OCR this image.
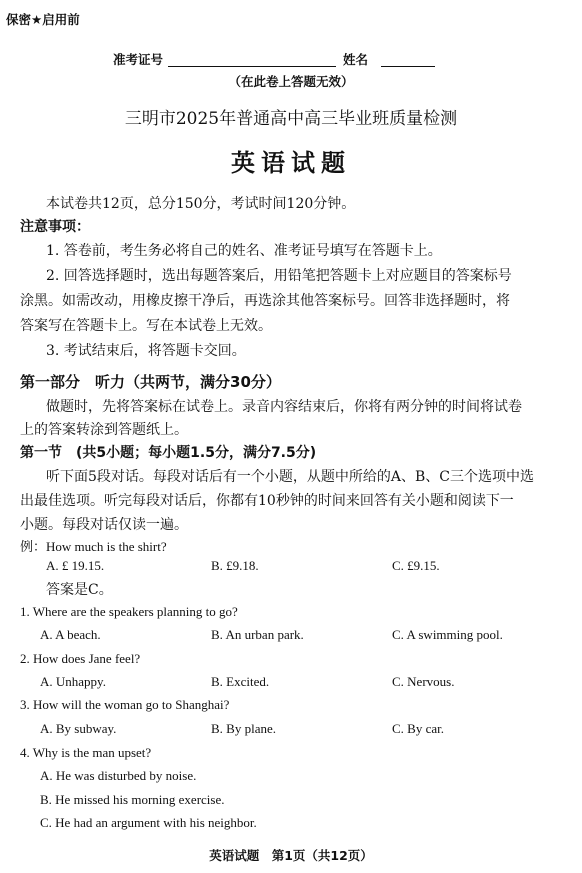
保密★启用前
准考证号	姓名
（在此卷上答题无效）
三明市2025年普通高中高三毕业班质量检测
英语试题
本试卷共12页，总分150分，考试时间120分钟。
注意事项：
1. 答卷前，考生务必将自己的姓名、准考证号填写在答题卡上。
2. 回答选择题时，选出每题答案后，用铅笔把答题卡上对应题目的答案标号
涂黑。如需改动，用橡皮擦干净后，再选涂其他答案标号。回答非选择题时，将
答案写在答题卡上。写在本试卷上无效。
3. 考试结束后，将答题卡交回。
第一部分　听力（共两节，满分30分）
做题时，先将答案标在试卷上。录音内容结束后，你将有两分钟的时间将试卷
上的答案转涂到答题纸上。
第一节　(共5小题；每小题1.5分，满分7.5分)
听下面5段对话。每段对话后有一个小题，从题中所给的A、B、C三个选项中选
出最佳选项。听完每段对话后，你都有10秒钟的时间来回答有关小题和阅读下一
小题。每段对话仅读一遍。
例：How much is the shirt?
A. £ 19.15.	B. £9.18.	C. £9.15.
答案是C。
1. Where are the speakers planning to go?
A. A beach.	B. An urban park.	C. A swimming pool.
2. How does Jane feel?
A. Unhappy.	B. Excited.	C. Nervous.
3. How will the woman go to Shanghai?
A. By subway.	B. By plane.	C. By car.
4. Why is the man upset?
A. He was disturbed by noise.
B. He missed his morning exercise.
C. He had an argument with his neighbor.
英语试题　第1页（共12页）
